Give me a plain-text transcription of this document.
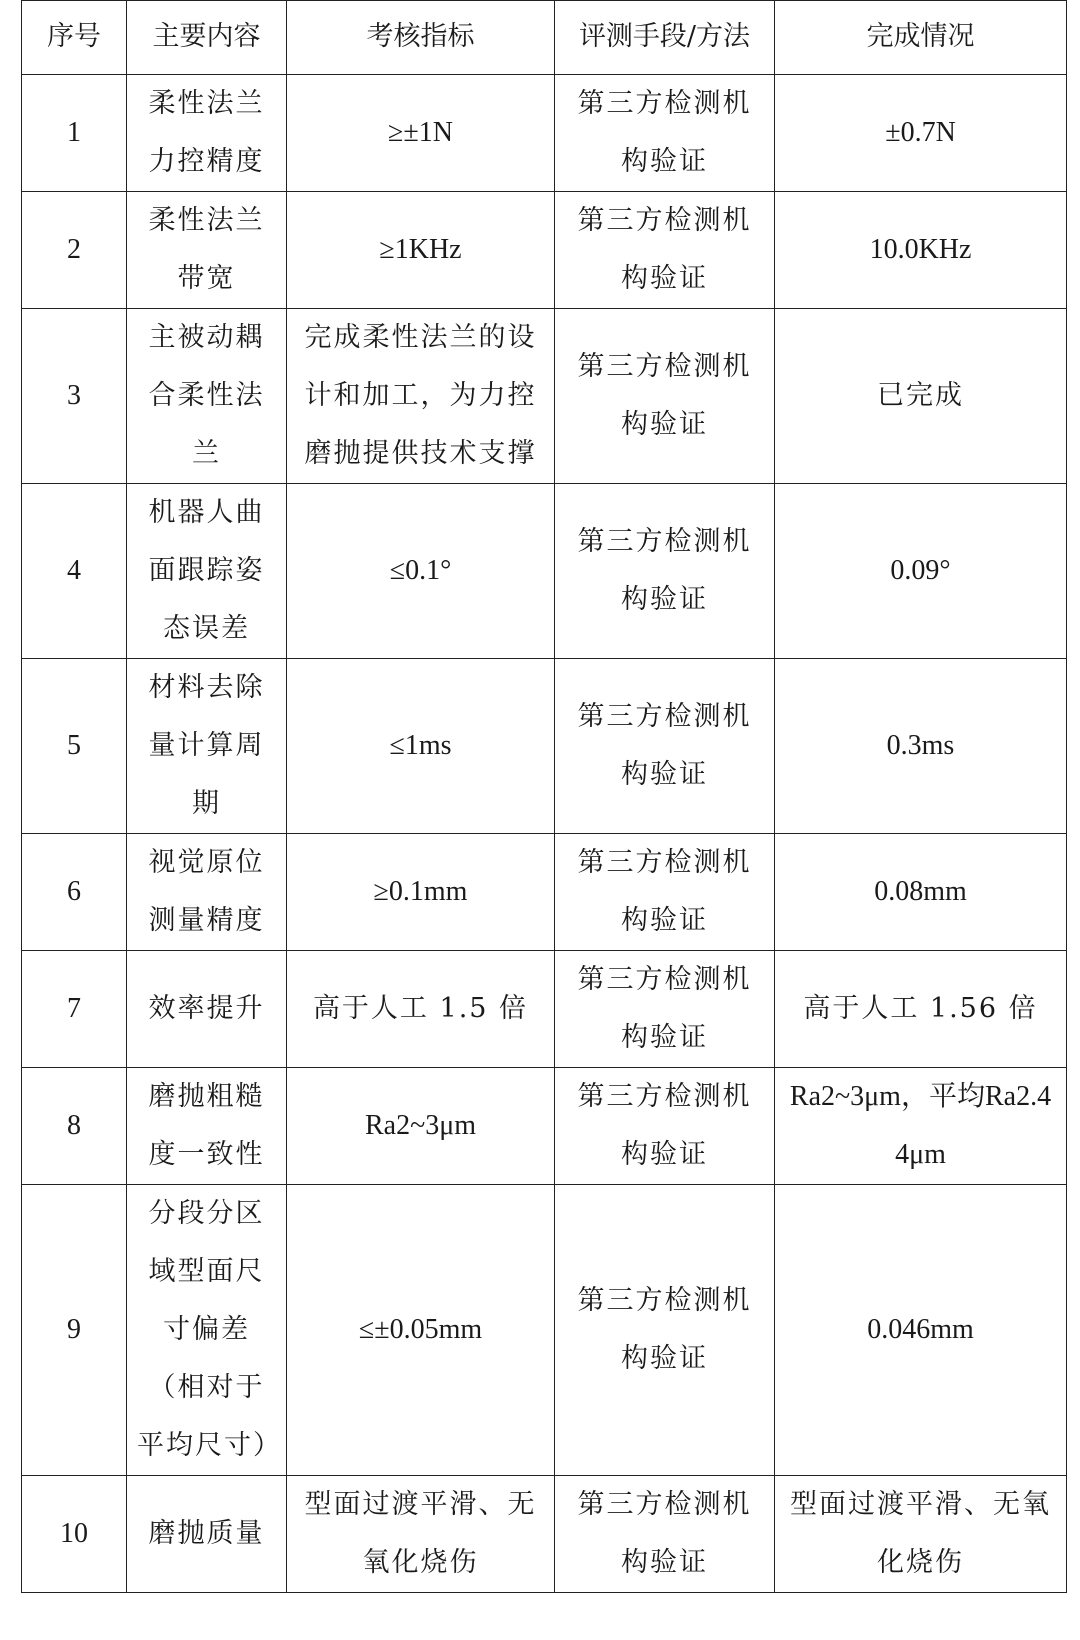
序号	主要内容	考核指标	评测手段/方法	完成情况
1	柔性法兰力控精度	≥±1N	第三方检测机构验证	±0.7N
2	柔性法兰带宽	≥1KHz	第三方检测机构验证	10.0KHz
3	主被动耦合柔性法兰	完成柔性法兰的设计和加工，为力控磨抛提供技术支撑	第三方检测机构验证	已完成
4	机器人曲面跟踪姿态误差	≤0.1°	第三方检测机构验证	0.09°
5	材料去除量计算周期	≤1ms	第三方检测机构验证	0.3ms
6	视觉原位测量精度	≥0.1mm	第三方检测机构验证	0.08mm
7	效率提升	高于人工 1.5 倍	第三方检测机构验证	高于人工 1.56 倍
8	磨抛粗糙度一致性	Ra2~3μm	第三方检测机构验证	Ra2~3μm，平均Ra2.44μm
9	分段分区域型面尺寸偏差（相对于平均尺寸）	≤±0.05mm	第三方检测机构验证	0.046mm
10	磨抛质量	型面过渡平滑、无氧化烧伤	第三方检测机构验证	型面过渡平滑、无氧化烧伤
